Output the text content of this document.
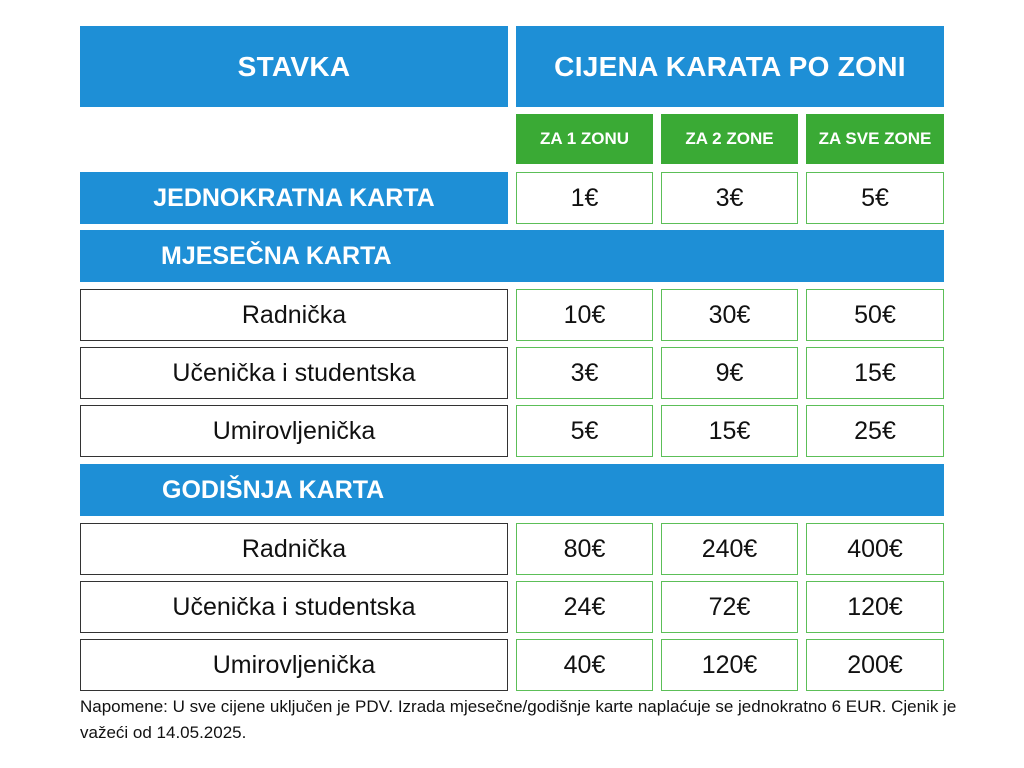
STAVKA	CIJENA KARATA PO ZONI
ZA 1 ZONU	ZA 2 ZONE	ZA SVE ZONE
JEDNOKRATNA KARTA	1€	3€	5€
MJESEČNA KARTA
Radnička	10€	30€	50€
Učenička i studentska	3€	9€	15€
Umirovljenička	5€	15€	25€
GODIŠNJA KARTA
Radnička	80€	240€	400€
Učenička i studentska	24€	72€	120€
Umirovljenička	40€	120€	200€
Napomene: U sve cijene uključen je PDV. Izrada mjesečne/godišnje karte naplaćuje se jednokratno 6 EUR. Cjenik je važeći od 14.05.2025.
